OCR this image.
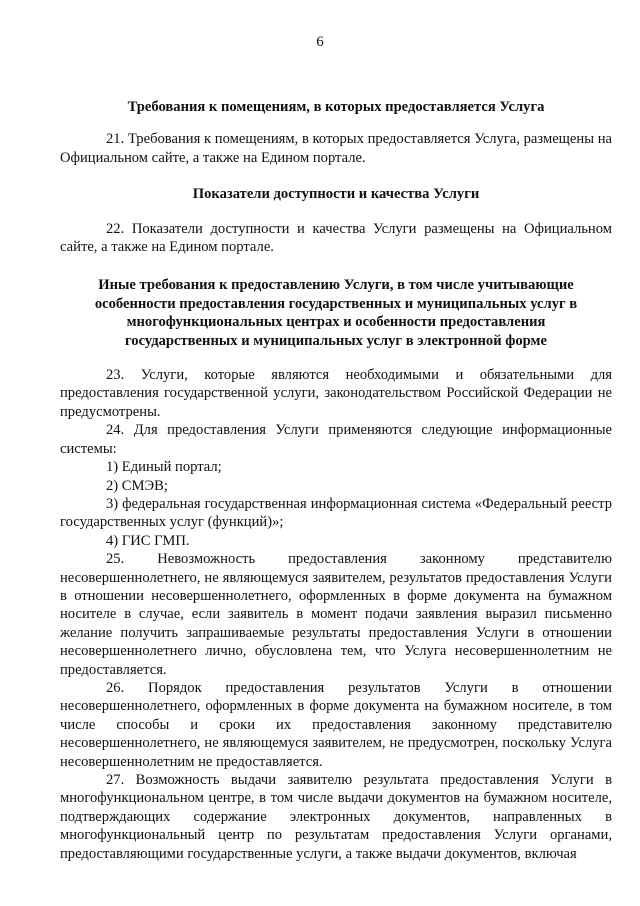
6

Требования к помещениям, в которых предоставляется Услуга

21. Требования к помещениям, в которых предоставляется Услуга, размещены на Официальном сайте, а также на Едином портале.

Показатели доступности и качества Услуги

22. Показатели доступности и качества Услуги размещены на Официальном сайте, а также на Едином портале.

Иные требования к предоставлению Услуги, в том числе учитывающие особенности предоставления государственных и муниципальных услуг в многофункциональных центрах и особенности предоставления государственных и муниципальных услуг в электронной форме

23. Услуги, которые являются необходимыми и обязательными для предоставления государственной услуги, законодательством Российской Федерации не предусмотрены.

24. Для предоставления Услуги применяются следующие информационные системы:

1) Единый портал;

2) СМЭВ;

3) федеральная государственная информационная система «Федеральный реестр государственных услуг (функций)»;

4) ГИС ГМП.

25. Невозможность предоставления законному представителю несовершеннолетнего, не являющемуся заявителем, результатов предоставления Услуги в отношении несовершеннолетнего, оформленных в форме документа на бумажном носителе в случае, если заявитель в момент подачи заявления выразил письменно желание получить запрашиваемые результаты предоставления Услуги в отношении несовершеннолетнего лично, обусловлена тем, что Услуга несовершеннолетним не предоставляется.

26. Порядок предоставления результатов Услуги в отношении несовершеннолетнего, оформленных в форме документа на бумажном носителе, в том числе способы и сроки их предоставления законному представителю несовершеннолетнего, не являющемуся заявителем, не предусмотрен, поскольку Услуга несовершеннолетним не предоставляется.

27. Возможность выдачи заявителю результата предоставления Услуги в многофункциональном центре, в том числе выдачи документов на бумажном носителе, подтверждающих содержание электронных документов, направленных в многофункциональный центр по результатам предоставления Услуги органами, предоставляющими государственные услуги, а также выдачи документов, включая
